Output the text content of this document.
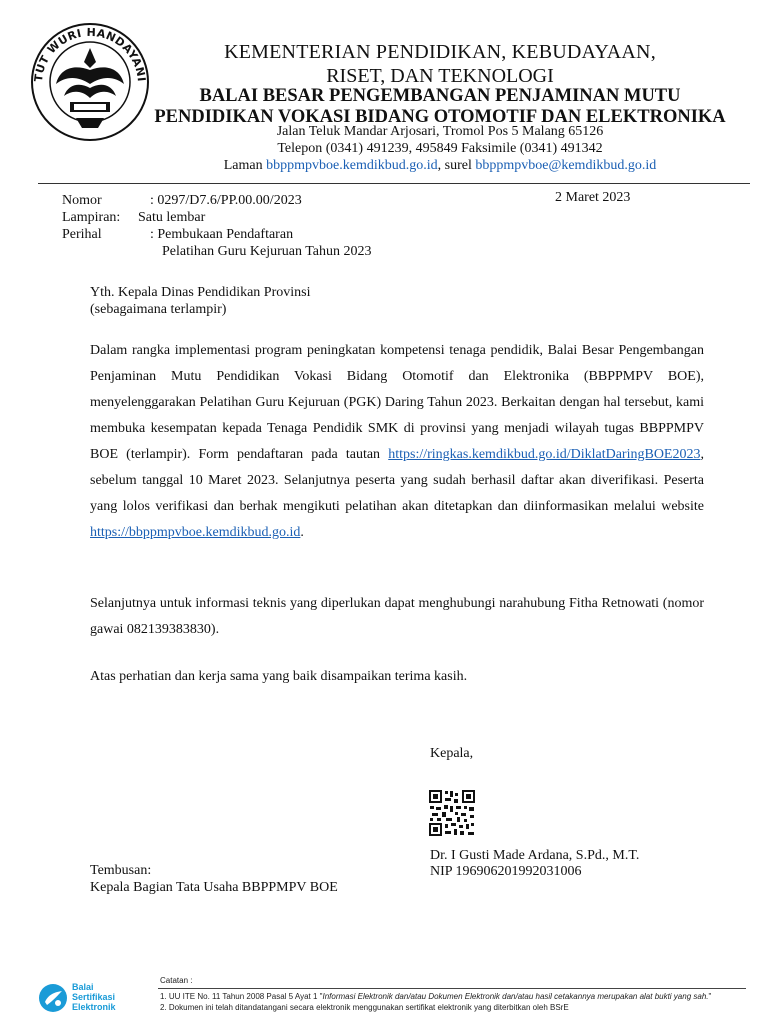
TUT WURI HANDAYANI
KEMENTERIAN PENDIDIKAN, KEBUDAYAAN,
RISET, DAN TEKNOLOGI
BALAI BESAR PENGEMBANGAN PENJAMINAN MUTU
PENDIDIKAN VOKASI BIDANG OTOMOTIF DAN ELEKTRONIKA
Jalan Teluk Mandar Arjosari, Tromol Pos 5 Malang 65126
Telepon (0341) 491239, 495849 Faksimile (0341) 491342
Laman bbppmpvboe.kemdikbud.go.id, surel bbppmpvboe@kemdikbud.go.id
Nomor	: 0297/D7.6/PP.00.00/2023
Lampiran: Satu lembar
Perihal	: Pembukaan Pendaftaran
Pelatihan Guru Kejuruan Tahun 2023
2 Maret 2023
Yth. Kepala Dinas Pendidikan Provinsi
(sebagaimana terlampir)
Dalam rangka implementasi program peningkatan kompetensi tenaga pendidik, Balai Besar Pengembangan Penjaminan Mutu Pendidikan Vokasi Bidang Otomotif dan Elektronika (BBPPMPV BOE), menyelenggarakan Pelatihan Guru Kejuruan (PGK) Daring Tahun 2023. Berkaitan dengan hal tersebut, kami membuka kesempatan kepada Tenaga Pendidik SMK di provinsi yang menjadi wilayah tugas BBPPMPV BOE (terlampir). Form pendaftaran pada tautan https://ringkas.kemdikbud.go.id/DiklatDaringBOE2023, sebelum tanggal 10 Maret 2023. Selanjutnya peserta yang sudah berhasil daftar akan diverifikasi. Peserta yang lolos verifikasi dan berhak mengikuti pelatihan akan ditetapkan dan diinformasikan melalui website https://bbppmpvboe.kemdikbud.go.id.
Selanjutnya untuk informasi teknis yang diperlukan dapat menghubungi narahubung Fitha Retnowati (nomor gawai 082139383830).
Atas perhatian dan kerja sama yang baik disampaikan terima kasih.
Kepala,
Dr. I Gusti Made Ardana, S.Pd., M.T.
NIP 196906201992031006
Tembusan:
Kepala Bagian Tata Usaha BBPPMPV BOE
Balai
Sertifikasi
Elektronik
Catatan :
1. UU ITE No. 11 Tahun 2008 Pasal 5 Ayat 1 "Informasi Elektronik dan/atau Dokumen Elektronik dan/atau hasil cetakannya merupakan alat bukti yang sah."
2. Dokumen ini telah ditandatangani secara elektronik menggunakan sertifikat elektronik yang diterbitkan oleh BSrE
